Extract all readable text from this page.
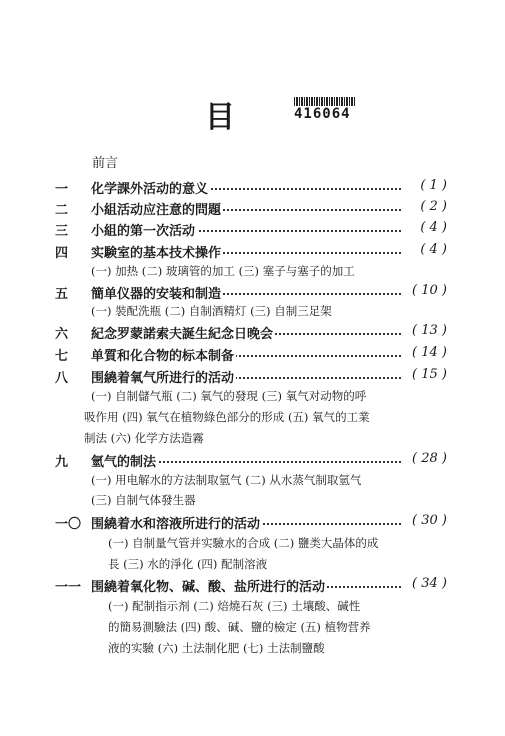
目	416064
前言
一	化学課外活动的意义	( 1 )
二	小組活动应注意的問題	( 2 )
三	小組的第一次活动	( 4 )
四	实験室的基本技术操作	( 4 )
(一) 加热 (二) 玻璃管的加工 (三) 塞子与塞子的加工
五	簡单仪器的安装和制造	( 10 )
(一) 裝配洗瓶 (二) 自制酒精灯 (三) 自制三足架
六	紀念罗蒙諾索夫誕生紀念日晚会	( 13 )
七	单質和化合物的标本制备	( 14 )
八	围繞着氧气所进行的活动	( 15 )
(一) 自制儲气瓶 (二) 氧气的發現 (三) 氧气对动物的呼
吸作用 (四) 氧气在植物綠色部分的形成 (五) 氧气的工業
制法 (六) 化学方法造霧
九	氫气的制法	( 28 )
(一) 用电解水的方法制取氫气 (二) 从水蒸气制取氫气
(三) 自制气体發生器
一〇 围繞着水和溶液所进行的活动	( 30 )
(一) 自制量气管并实驗水的合成 (二) 鹽类大晶体的成
長 (三) 水的淨化 (四) 配制溶液
一一 围繞着氧化物、碱、酸、盐所进行的活动	( 34 )
(一) 配制指示剂 (二) 焙燒石灰 (三) 土壤酸、碱性
的簡易測驗法 (四) 酸、碱、鹽的檢定 (五) 植物营养
液的实驗 (六) 土法制化肥 (七) 土法制鹽酸
